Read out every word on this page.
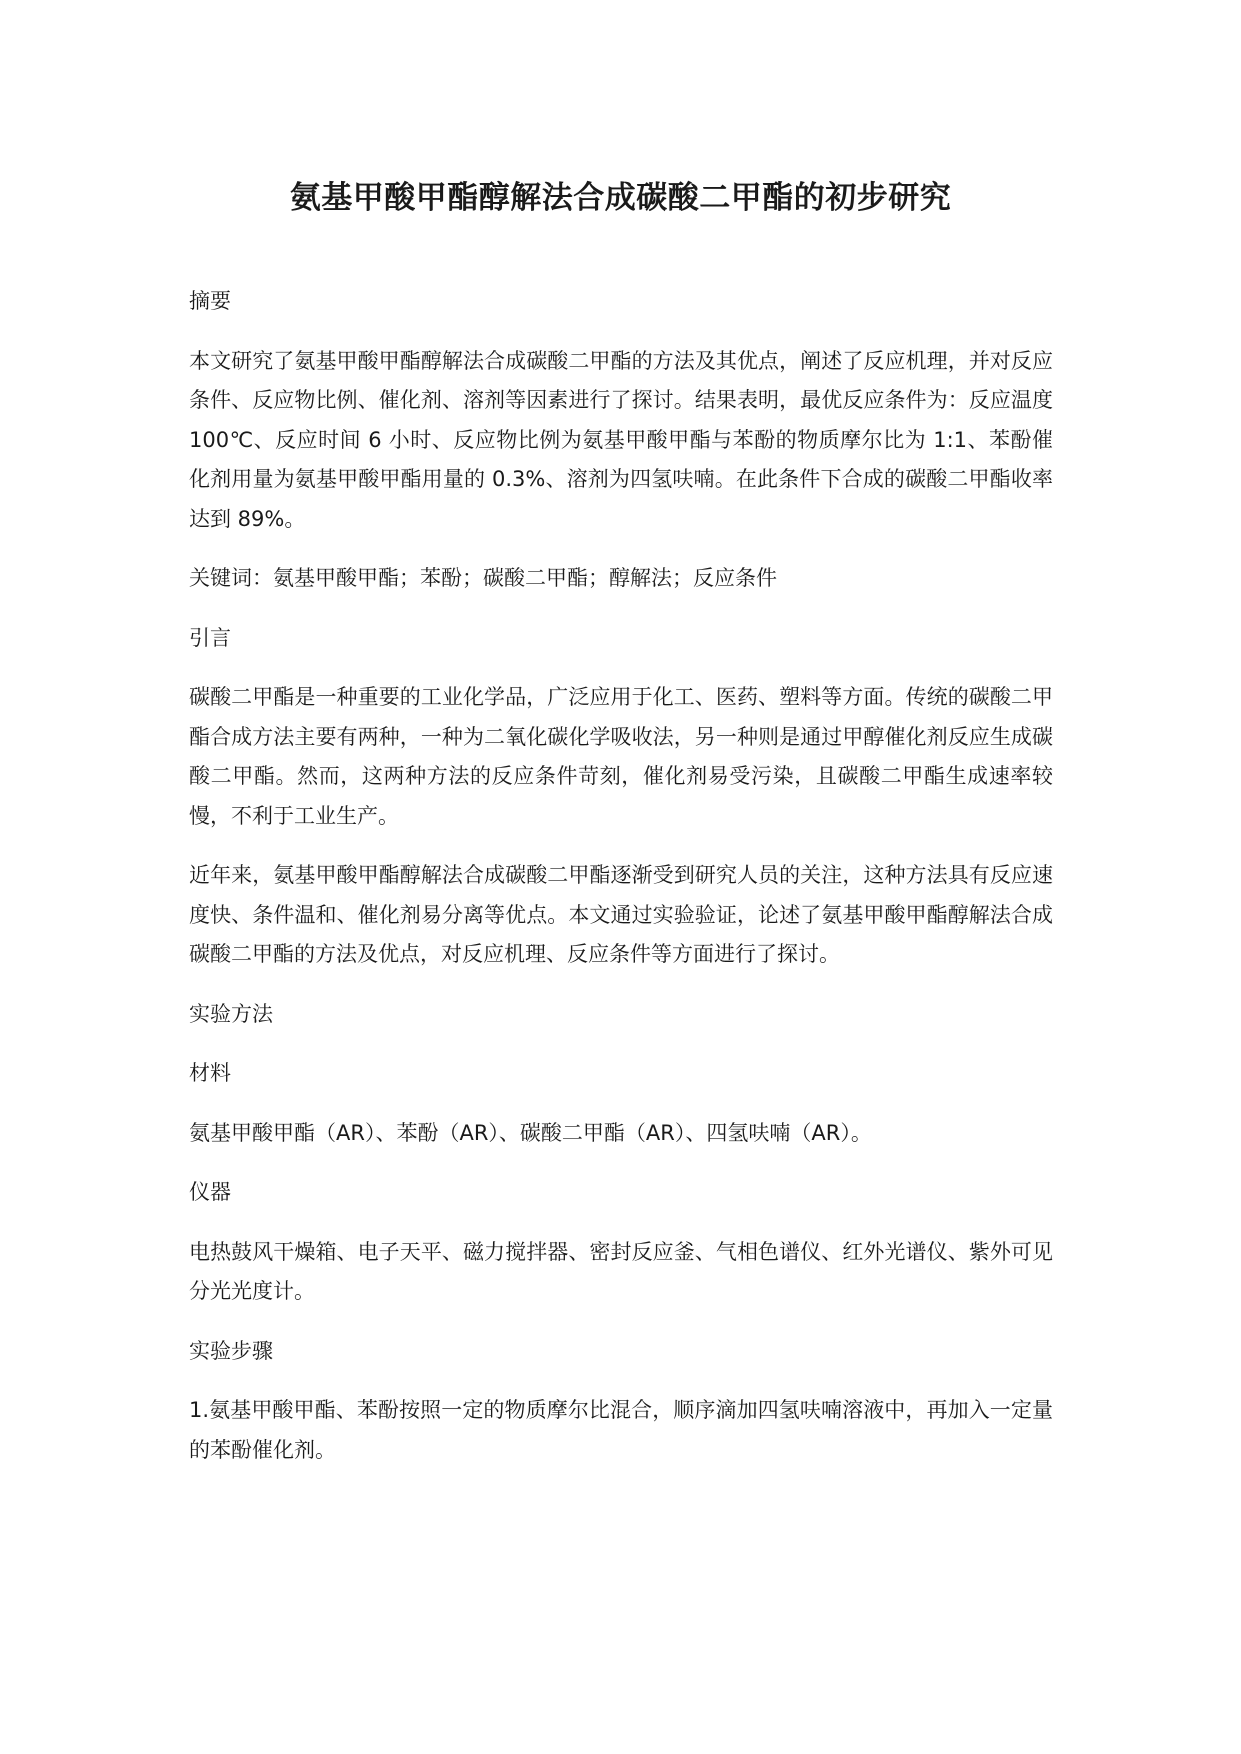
氨基甲酸甲酯醇解法合成碳酸二甲酯的初步研究

摘要

本文研究了氨基甲酸甲酯醇解法合成碳酸二甲酯的方法及其优点，阐述了反应机理，并对反应条件、反应物比例、催化剂、溶剂等因素进行了探讨。结果表明，最优反应条件为：反应温度 100℃、反应时间 6 小时、反应物比例为氨基甲酸甲酯与苯酚的物质摩尔比为 1:1、苯酚催化剂用量为氨基甲酸甲酯用量的 0.3%、溶剂为四氢呋喃。在此条件下合成的碳酸二甲酯收率达到 89%。

关键词：氨基甲酸甲酯；苯酚；碳酸二甲酯；醇解法；反应条件

引言

碳酸二甲酯是一种重要的工业化学品，广泛应用于化工、医药、塑料等方面。传统的碳酸二甲酯合成方法主要有两种，一种为二氧化碳化学吸收法，另一种则是通过甲醇催化剂反应生成碳酸二甲酯。然而，这两种方法的反应条件苛刻，催化剂易受污染，且碳酸二甲酯生成速率较慢，不利于工业生产。

近年来，氨基甲酸甲酯醇解法合成碳酸二甲酯逐渐受到研究人员的关注，这种方法具有反应速度快、条件温和、催化剂易分离等优点。本文通过实验验证，论述了氨基甲酸甲酯醇解法合成碳酸二甲酯的方法及优点，对反应机理、反应条件等方面进行了探讨。

实验方法

材料

氨基甲酸甲酯（AR）、苯酚（AR）、碳酸二甲酯（AR）、四氢呋喃（AR）。

仪器

电热鼓风干燥箱、电子天平、磁力搅拌器、密封反应釜、气相色谱仪、红外光谱仪、紫外可见分光光度计。

实验步骤

1.氨基甲酸甲酯、苯酚按照一定的物质摩尔比混合，顺序滴加四氢呋喃溶液中，再加入一定量的苯酚催化剂。
